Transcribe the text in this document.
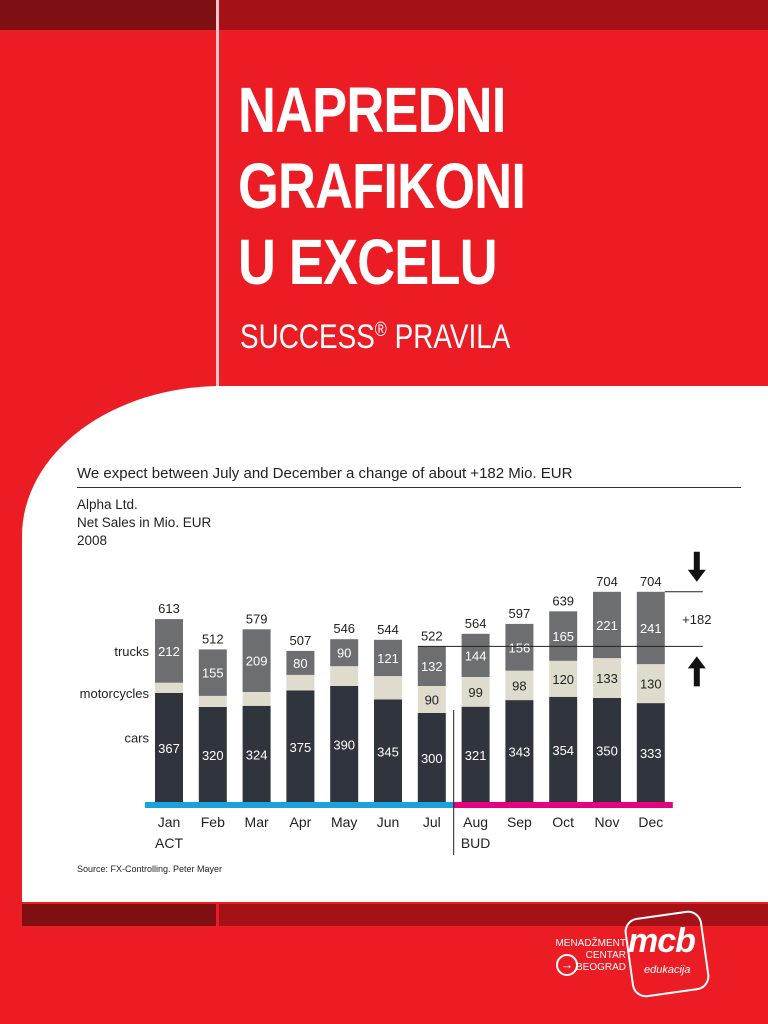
NAPREDNI
GRAFIKONI
U EXCELU
SUCCESS® PRAVILA
We expect between July and December a change of about +182 Mio. EUR
Alpha Ltd.
Net Sales in Mio. EUR
2008
367
212
613
Jan
320
155
512
Feb
324
209
579
Mar
375
80
507
Apr
390
90
546
May
345
121
544
Jun
300
90
132
522
Jul
321
99
144
564
Aug
343
98
156
597
Sep
354
120
165
639
Oct
350
133
221
704
Nov
333
130
241
704
Dec
ACT	BUD
cars
motorcycles
trucks
+182
Source: FX-Controlling. Peter Mayer
MENADŽMENT
CENTAR
BEOGRAD
→
mcb
edukacija
